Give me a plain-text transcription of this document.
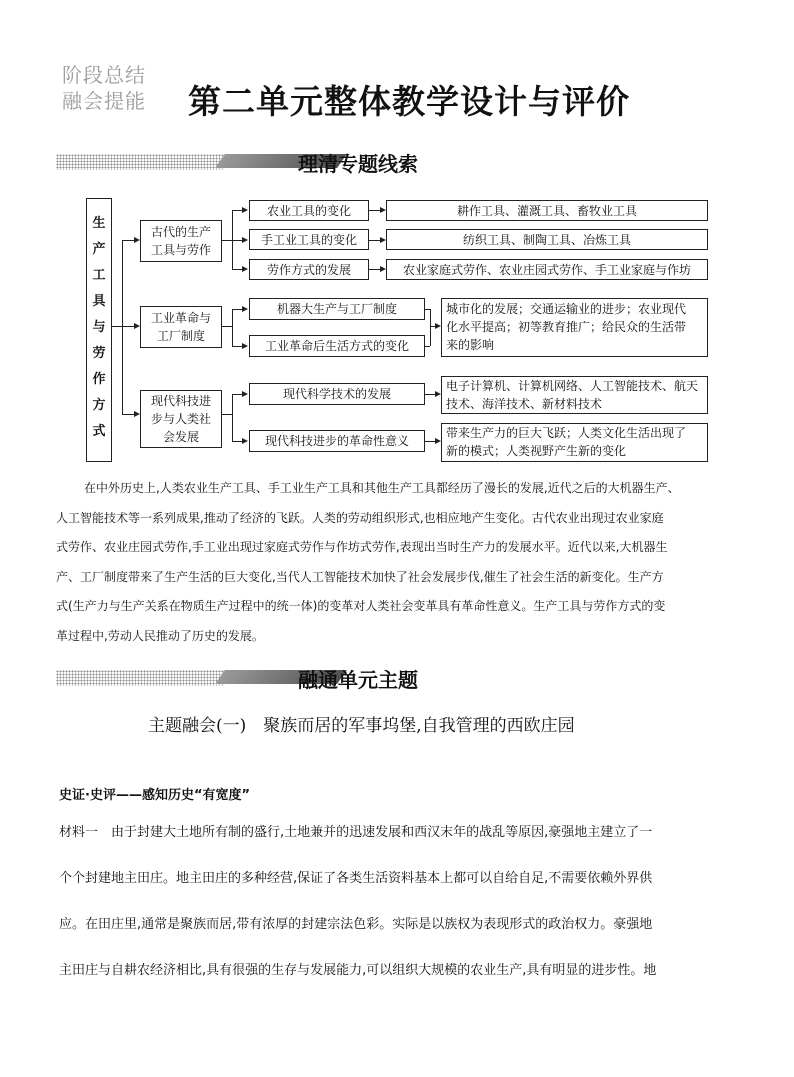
阶段总结
融会提能	第二单元整体教学设计与评价
理清专题线索
生
产
工
具
与
劳
作
方
式
古代的生产
工具与劳作
农业工具的变化	耕作工具、灌溉工具、畜牧业工具
手工业工具的变化	纺织工具、制陶工具、冶炼工具
劳作方式的发展	农业家庭式劳作、农业庄园式劳作、手工业家庭与作坊
工业革命与
工厂制度
机器大生产与工厂制度
工业革命后生活方式的变化
城市化的发展；交通运输业的进步；农业现代
化水平提高；初等教育推广；给民众的生活带
来的影响
现代科技进
步与人类社
会发展
现代科学技术的发展
电子计算机、计算机网络、人工智能技术、航天
技术、海洋技术、新材料技术
现代科技进步的革命性意义
带来生产力的巨大飞跃；人类文化生活出现了
新的模式；人类视野产生新的变化
在中外历史上,人类农业生产工具、手工业生产工具和其他生产工具都经历了漫长的发展,近代之后的大机器生产、
人工智能技术等一系列成果,推动了经济的飞跃。人类的劳动组织形式,也相应地产生变化。古代农业出现过农业家庭
式劳作、农业庄园式劳作,手工业出现过家庭式劳作与作坊式劳作,表现出当时生产力的发展水平。近代以来,大机器生
产、工厂制度带来了生产生活的巨大变化,当代人工智能技术加快了社会发展步伐,催生了社会生活的新变化。生产方
式(生产力与生产关系在物质生产过程中的统一体)的变革对人类社会变革具有革命性意义。生产工具与劳作方式的变
革过程中,劳动人民推动了历史的发展。
融通单元主题
主题融会(一)　聚族而居的军事坞堡,自我管理的西欧庄园
史证·史评——感知历史“有宽度”
材料一　由于封建大土地所有制的盛行,土地兼并的迅速发展和西汉末年的战乱等原因,豪强地主建立了一
个个封建地主田庄。地主田庄的多种经营,保证了各类生活资料基本上都可以自给自足,不需要依赖外界供
应。在田庄里,通常是聚族而居,带有浓厚的封建宗法色彩。实际是以族权为表现形式的政治权力。豪强地
主田庄与自耕农经济相比,具有很强的生存与发展能力,可以组织大规模的农业生产,具有明显的进步性。地
